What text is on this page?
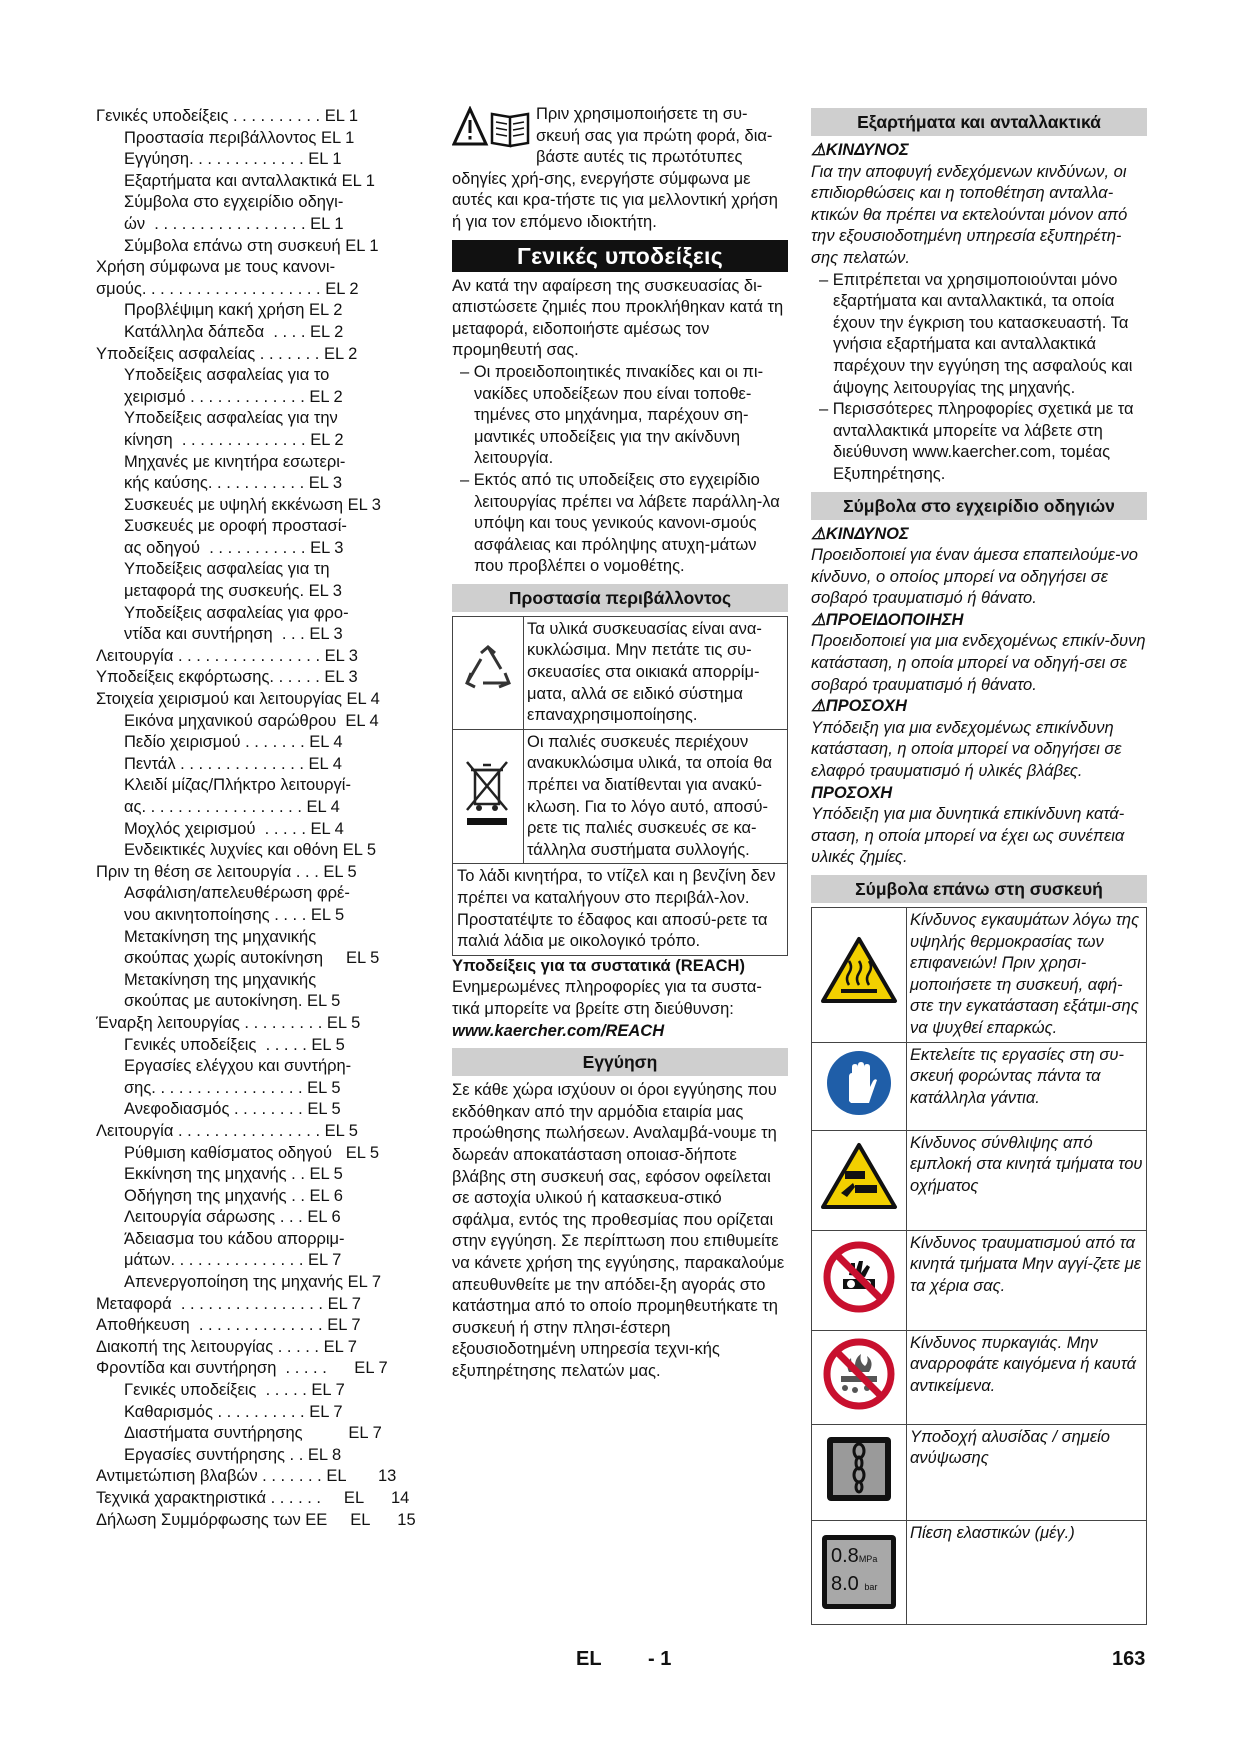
Γενικές υποδείξεις . . . . . . . . . . EL 1
Προστασία περιβάλλοντος EL 1
Εγγύηση. . . . . . . . . . . . . EL 1
Εξαρτήματα και ανταλλακτικά EL 1
Σύμβολα στο εγχειρίδιο οδηγι-
ών  . . . . . . . . . . . . . . . . . EL 1
Σύμβολα επάνω στη συσκευή EL 1
Χρήση σύμφωνα με τους κανονι-
σμούς. . . . . . . . . . . . . . . . . . . . EL 2
Προβλέψιμη κακή χρήση EL 2
Κατάλληλα δάπεδα  . . . . EL 2
Υποδείξεις ασφαλείας . . . . . . . EL 2
Υποδείξεις ασφαλείας για το
χειρισμό . . . . . . . . . . . . . EL 2
Υποδείξεις ασφαλείας για την
κίνηση  . . . . . . . . . . . . . . EL 2
Μηχανές με κινητήρα εσωτερι-
κής καύσης. . . . . . . . . . . EL 3
Συσκευές με υψηλή εκκένωση EL 3
Συσκευές με οροφή προστασί-
ας οδηγού  . . . . . . . . . . . EL 3
Υποδείξεις ασφαλείας για τη
μεταφορά της συσκευής. EL 3
Υποδείξεις ασφαλείας για φρο-
ντίδα και συντήρηση  . . . EL 3
Λειτουργία . . . . . . . . . . . . . . . . EL 3
Υποδείξεις εκφόρτωσης. . . . . . EL 3
Στοιχεία χειρισμού και λειτουργίας EL 4
Εικόνα μηχανικού σαρώθρου  EL 4
Πεδίο χειρισμού . . . . . . . EL 4
Πεντάλ . . . . . . . . . . . . . . EL 4
Κλειδί μίζας/Πλήκτρο λειτουργί-
ας. . . . . . . . . . . . . . . . . . EL 4
Μοχλός χειρισμού  . . . . . EL 4
Ενδεικτικές λυχνίες και οθόνη EL 5
Πριν τη θέση σε λειτουργία . . . EL 5
Ασφάλιση/απελευθέρωση φρέ-
νου ακινητοποίησης . . . . EL 5
Μετακίνηση της μηχανικής
σκούπας χωρίς αυτοκίνηση     EL 5
Μετακίνηση της μηχανικής
σκούπας με αυτοκίνηση. EL 5
Έναρξη λειτουργίας . . . . . . . . . EL 5
Γενικές υποδείξεις  . . . . . EL 5
Εργασίες ελέγχου και συντήρη-
σης. . . . . . . . . . . . . . . . . EL 5
Ανεφοδιασμός . . . . . . . . EL 5
Λειτουργία . . . . . . . . . . . . . . . . EL 5
Ρύθμιση καθίσματος οδηγού   EL 5
Εκκίνηση της μηχανής . . EL 5
Οδήγηση της μηχανής . . EL 6
Λειτουργία σάρωσης . . . EL 6
Άδειασμα του κάδου απορριμ-
μάτων. . . . . . . . . . . . . . . EL 7
Απενεργοποίηση της μηχανής EL 7
Μεταφορά  . . . . . . . . . . . . . . . . EL 7
Αποθήκευση  . . . . . . . . . . . . . . EL 7
Διακοπή της λειτουργίας . . . . . EL 7
Φροντίδα και συντήρηση  . . . . .      EL 7
Γενικές υποδείξεις  . . . . . EL 7
Καθαρισμός . . . . . . . . . . EL 7
Διαστήματα συντήρησης          EL 7
Εργασίες συντήρησης . . EL 8
Αντιμετώπιση βλαβών . . . . . . . EL       13
Τεχνικά χαρακτηριστικά . . . . . .     EL      14
Δήλωση Συμμόρφωσης των ΕΕ     EL      15

Πριν χρησιμοποιήσετε τη συ-σκευή σας για πρώτη φορά, δια-βάστε αυτές τις πρωτότυπες οδηγίες χρή-σης, ενεργήστε σύμφωνα με αυτές και κρα-τήστε τις για μελλοντική χρήση ή για τον επόμενο ιδιοκτήτη.

Γενικές υποδείξεις

Αν κατά την αφαίρεση της συσκευασίας δι-απιστώσετε ζημιές που προκλήθηκαν κατά τη μεταφορά, ειδοποιήστε αμέσως τον προμηθευτή σας.

– Οι προειδοποιητικές πινακίδες και οι πι-νακίδες υποδείξεων που είναι τοποθε-τημένες στο μηχάνημα, παρέχουν ση-μαντικές υποδείξεις για την ακίνδυνη λειτουργία.

– Εκτός από τις υποδείξεις στο εγχειρίδιο λειτουργίας πρέπει να λάβετε παράλλη-λα υπόψη και τους γενικούς κανονι-σμούς ασφάλειας και πρόληψης ατυχη-μάτων που προβλέπει ο νομοθέτης.

Προστασία περιβάλλοντος
	Τα υλικά συσκευασίας είναι ανα-κυκλώσιμα. Μην πετάτε τις συ-σκευασίες στα οικιακά απορρίμ-ματα, αλλά σε ειδικό σύστημα επαναχρησιμοποίησης.
	Οι παλιές συσκευές περιέχουν ανακυκλώσιμα υλικά, τα οποία θα πρέπει να διατίθενται για ανακύ-κλωση. Για το λόγο αυτό, αποσύ-ρετε τις παλιές συσκευές σε κα-τάλληλα συστήματα συλλογής.

Το λάδι κινητήρα, το ντίζελ και η βενζίνη δεν πρέπει να καταλήγουν στο περιβάλ-λον. Προστατέψτε το έδαφος και αποσύ-ρετε τα παλιά λάδια με οικολογικό τρόπο.

Υποδείξεις για τα συστατικά (REACH)

Ενημερωμένες πληροφορίες για τα συστα-τικά μπορείτε να βρείτε στη διεύθυνση:

www.kaercher.com/REACH

Εγγύηση

Σε κάθε χώρα ισχύουν οι όροι εγγύησης που εκδόθηκαν από την αρμόδια εταιρία μας προώθησης πωλήσεων. Αναλαμβά-νουμε τη δωρεάν αποκατάσταση οποιασ-δήποτε βλάβης στη συσκευή σας, εφόσον οφείλεται σε αστοχία υλικού ή κατασκευα-στικό σφάλμα, εντός της προθεσμίας που ορίζεται στην εγγύηση. Σε περίπτωση που επιθυμείτε να κάνετε χρήση της εγγύησης, παρακαλούμε απευθυνθείτε με την απόδει-ξη αγοράς στο κατάστημα από το οποίο προμηθευτήκατε τη συσκευή ή στην πλησι-έστερη εξουσιοδοτημένη υπηρεσία τεχνι-κής εξυπηρέτησης πελατών μας.

Εξαρτήματα και ανταλλακτικά

⚠ΚΙΝΔΥΝΟΣ

Για την αποφυγή ενδεχόμενων κινδύνων, οι επιδιορθώσεις και η τοποθέτηση ανταλλα-κτικών θα πρέπει να εκτελούνται μόνον από την εξουσιοδοτημένη υπηρεσία εξυπηρέτη-σης πελατών.

– Επιτρέπεται να χρησιμοποιούνται μόνο εξαρτήματα και ανταλλακτικά, τα οποία έχουν την έγκριση του κατασκευαστή. Τα γνήσια εξαρτήματα και ανταλλακτικά παρέχουν την εγγύηση της ασφαλούς και άψογης λειτουργίας της μηχανής.

– Περισσότερες πληροφορίες σχετικά με τα ανταλλακτικά μπορείτε να λάβετε στη διεύθυνση www.kaercher.com, τομέας Εξυπηρέτησης.

Σύμβολα στο εγχειρίδιο οδηγιών

⚠ΚΙΝΔΥΝΟΣ

Προειδοποιεί για έναν άμεσα επαπειλούμε-νο κίνδυνο, ο οποίος μπορεί να οδηγήσει σε σοβαρό τραυματισμό ή θάνατο.

⚠ΠΡΟΕΙΔΟΠΟΙΗΣΗ

Προειδοποιεί για μια ενδεχομένως επικίν-δυνη κατάσταση, η οποία μπορεί να οδηγή-σει σε σοβαρό τραυματισμό ή θάνατο.

⚠ΠΡΟΣΟΧΗ

Υπόδειξη για μια ενδεχομένως επικίνδυνη κατάσταση, η οποία μπορεί να οδηγήσει σε ελαφρό τραυματισμό ή υλικές βλάβες.

ΠΡΟΣΟΧΗ

Υπόδειξη για μια δυνητικά επικίνδυνη κατά-σταση, η οποία μπορεί να έχει ως συνέπεια υλικές ζημίες.

Σύμβολα επάνω στη συσκευή
	Κίνδυνος εγκαυμάτων λόγω της υψηλής θερμοκρασίας των επιφανειών! Πριν χρησι-μοποιήσετε τη συσκευή, αφή-στε την εγκατάσταση εξάτμι-σης να ψυχθεί επαρκώς.
	Εκτελείτε τις εργασίες στη συ-σκευή φορώντας πάντα τα κατάλληλα γάντια.
	Κίνδυνος σύνθλιψης από εμπλοκή στα κινητά τμήματα του οχήματος
	Κίνδυνος τραυματισμού από τα κινητά τμήματα Μην αγγί-ζετε με τα χέρια σας.
	Κίνδυνος πυρκαγιάς. Μην αναρροφάτε καιγόμενα ή καυτά αντικείμενα.
	Υποδοχή αλυσίδας / σημείο ανύψωσης

0.8MPa
8.0 bar	Πίεση ελαστικών (μέγ.)
EL - 1	163
